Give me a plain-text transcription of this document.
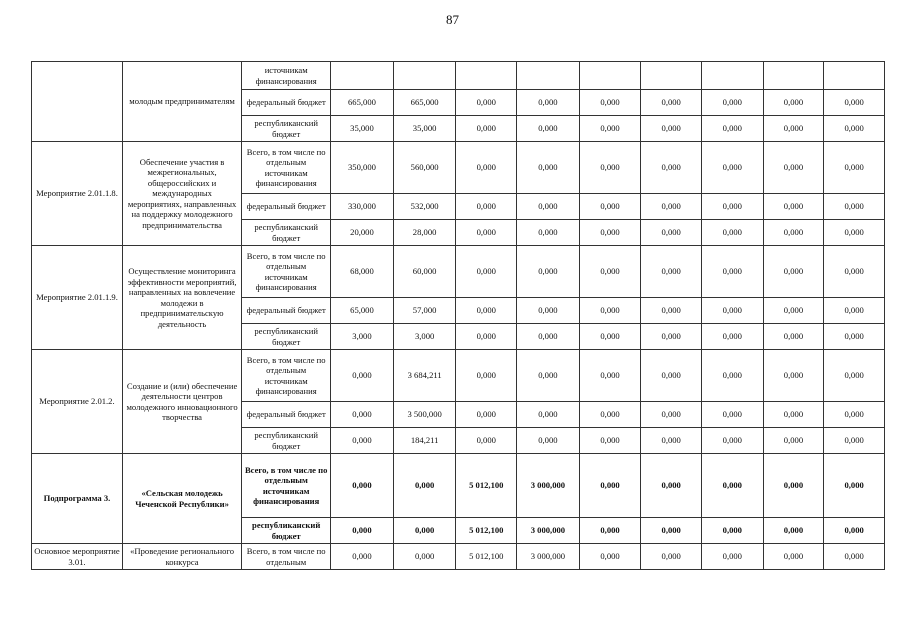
87
	молодым предпринимателям	источникам финансирования									
		федеральный бюджет	665,000	665,000	0,000	0,000	0,000	0,000	0,000	0,000	0,000
		республиканский бюджет	35,000	35,000	0,000	0,000	0,000	0,000	0,000	0,000	0,000
Мероприятие 2.01.1.8.	Обеспечение участия в межрегиональных, общероссийских и международных мероприятиях, направленных на поддержку молодежного предпринимательства	Всего, в том числе по отдельным источникам финансирования	350,000	560,000	0,000	0,000	0,000	0,000	0,000	0,000	0,000
		федеральный бюджет	330,000	532,000	0,000	0,000	0,000	0,000	0,000	0,000	0,000
		республиканский бюджет	20,000	28,000	0,000	0,000	0,000	0,000	0,000	0,000	0,000
Мероприятие 2.01.1.9.	Осуществление мониторинга эффективности мероприятий, направленных на вовлечение молодежи в предпринимательскую деятельность	Всего, в том числе по отдельным источникам финансирования	68,000	60,000	0,000	0,000	0,000	0,000	0,000	0,000	0,000
		федеральный бюджет	65,000	57,000	0,000	0,000	0,000	0,000	0,000	0,000	0,000
		республиканский бюджет	3,000	3,000	0,000	0,000	0,000	0,000	0,000	0,000	0,000
Мероприятие 2.01.2.	Создание и (или) обеспечение деятельности центров молодежного инновационного творчества	Всего, в том числе по отдельным источникам финансирования	0,000	3 684,211	0,000	0,000	0,000	0,000	0,000	0,000	0,000
		федеральный бюджет	0,000	3 500,000	0,000	0,000	0,000	0,000	0,000	0,000	0,000
		республиканский бюджет	0,000	184,211	0,000	0,000	0,000	0,000	0,000	0,000	0,000
Подпрограмма 3.	«Сельская молодежь Чеченской Республики»	Всего, в том числе по отдельным источникам финансирования	0,000	0,000	5 012,100	3 000,000	0,000	0,000	0,000	0,000	0,000
		республиканский бюджет	0,000	0,000	5 012,100	3 000,000	0,000	0,000	0,000	0,000	0,000
Основное мероприятие 3.01.	«Проведение регионального конкурса	Всего, в том числе по отдельным	0,000	0,000	5 012,100	3 000,000	0,000	0,000	0,000	0,000	0,000
